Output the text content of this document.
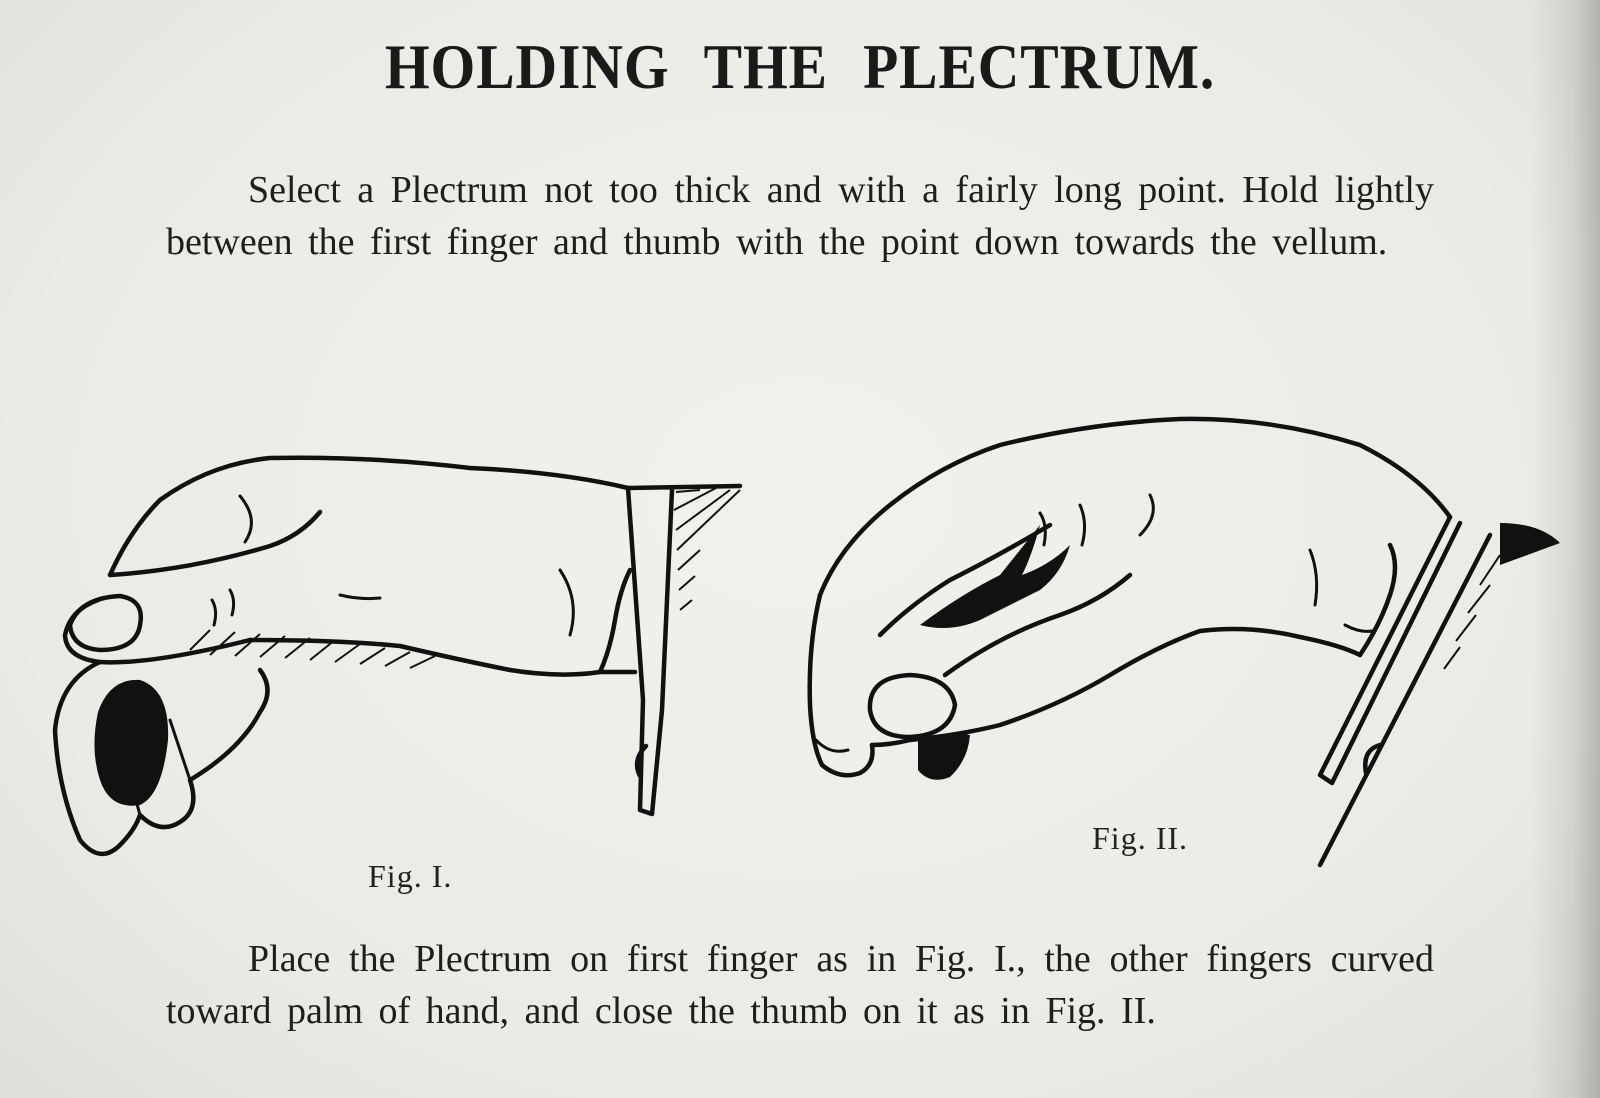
HOLDING THE PLECTRUM.
Select a Plectrum not too thick and with a fairly long point. Hold lightly between the first finger and thumb with the point down towards the vellum.
Fig. I.
Fig. II.
Place the Plectrum on first finger as in Fig. I., the other fingers curved toward palm of hand, and close the thumb on it as in Fig. II.
